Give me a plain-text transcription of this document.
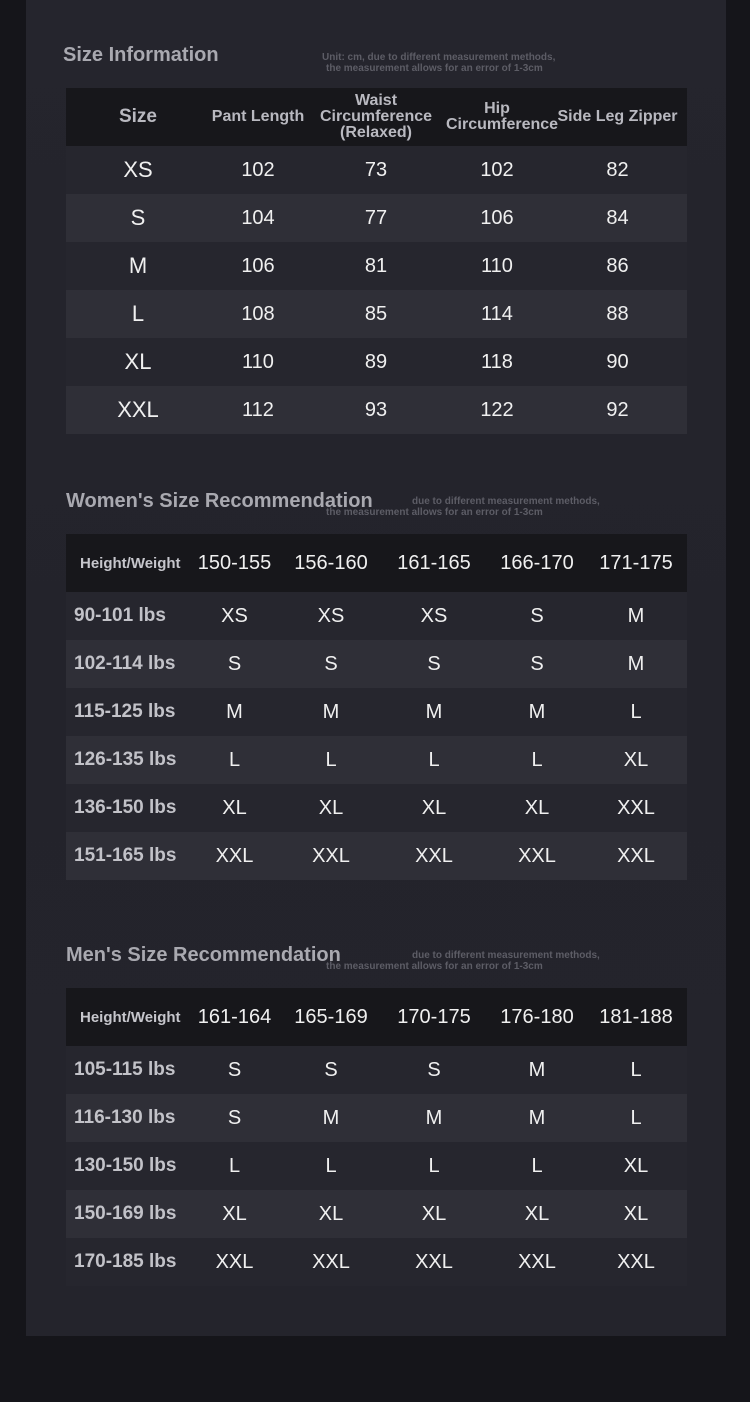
Size Information	Unit: cm, due to different measurement methods,
the measurement allows for an error of 1-3cm
Size	Pant Length	Waist Circumference (Relaxed)	Hip Circumference	Side Leg Zipper
XS	102	73	102	82
S	104	77	106	84
M	106	81	110	86
L	108	85	114	88
XL	110	89	118	90
XXL	112	93	122	92
Women's Size Recommendation	due to different measurement methods,
the measurement allows for an error of 1-3cm
Height/Weight	150-155	156-160	161-165	166-170	171-175
90-101 lbs	XS	XS	XS	S	M
102-114 lbs	S	S	S	S	M
115-125 lbs	M	M	M	M	L
126-135 lbs	L	L	L	L	XL
136-150 lbs	XL	XL	XL	XL	XXL
151-165 lbs	XXL	XXL	XXL	XXL	XXL
Men's Size Recommendation	due to different measurement methods,
the measurement allows for an error of 1-3cm
Height/Weight	161-164	165-169	170-175	176-180	181-188
105-115 lbs	S	S	S	M	L
116-130 lbs	S	M	M	M	L
130-150 lbs	L	L	L	L	XL
150-169 lbs	XL	XL	XL	XL	XL
170-185 lbs	XXL	XXL	XXL	XXL	XXL
